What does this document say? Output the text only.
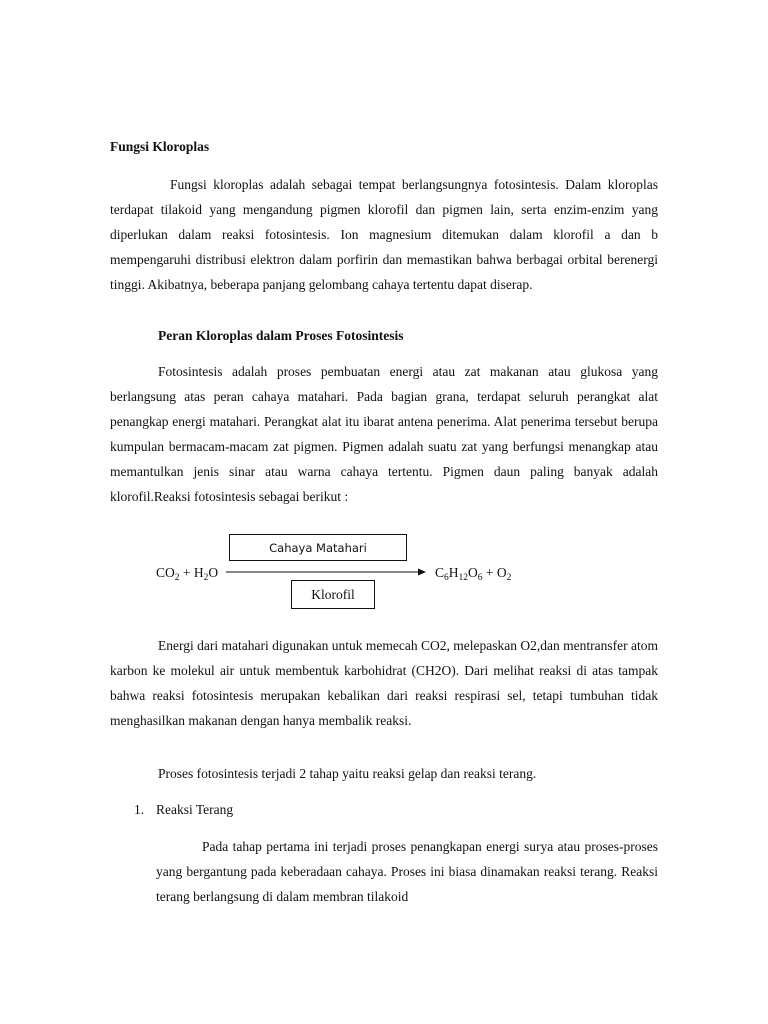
Fungsi Kloroplas
Fungsi kloroplas adalah sebagai tempat berlangsungnya fotosintesis. Dalam kloroplas terdapat tilakoid yang mengandung pigmen klorofil dan pigmen lain, serta enzim-enzim yang diperlukan dalam reaksi fotosintesis. Ion magnesium ditemukan dalam klorofil a dan b mempengaruhi distribusi elektron dalam porfirin dan memastikan bahwa berbagai orbital berenergi tinggi. Akibatnya, beberapa panjang gelombang cahaya tertentu dapat diserap.
Peran Kloroplas dalam Proses Fotosintesis
Fotosintesis adalah proses pembuatan energi atau zat makanan atau glukosa yang berlangsung atas peran cahaya matahari. Pada bagian grana, terdapat seluruh perangkat alat penangkap energi matahari. Perangkat alat itu ibarat antena penerima. Alat penerima tersebut berupa kumpulan bermacam-macam zat pigmen. Pigmen adalah suatu zat yang berfungsi menangkap atau memantulkan jenis sinar atau warna cahaya tertentu. Pigmen daun paling banyak adalah klorofil.Reaksi fotosintesis sebagai berikut :
Cahaya Matahari
$CO_2 + H_2O$	$C_6H_{12}O_6 + O_2$
Klorofil
Energi dari matahari digunakan untuk memecah CO2, melepaskan O2,dan mentransfer atom karbon ke molekul air untuk membentuk karbohidrat (CH2O). Dari melihat reaksi di atas tampak bahwa reaksi fotosintesis merupakan kebalikan dari reaksi respirasi sel, tetapi tumbuhan tidak menghasilkan makanan dengan hanya membalik reaksi.
Proses fotosintesis terjadi 2 tahap yaitu reaksi gelap dan reaksi terang.
1. Reaksi Terang
Pada tahap pertama ini terjadi proses penangkapan energi surya atau proses-proses yang bergantung pada keberadaan cahaya. Proses ini biasa dinamakan reaksi terang. Reaksi terang berlangsung di dalam membran tilakoid
